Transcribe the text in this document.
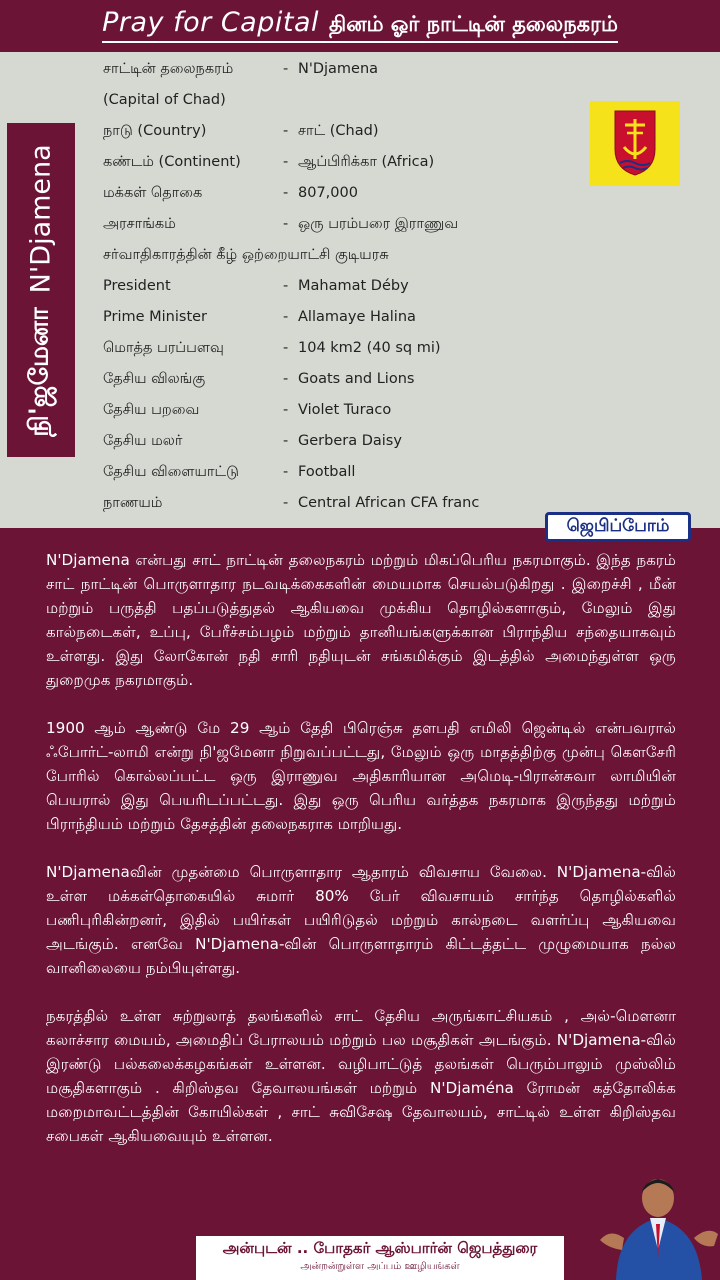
Pray for Capital தினம் ஓர் நாட்டின் தலைநகரம்
நி'ஜமேனா
N'Djamena
சாட்டின் தலைநகரம்	- N'Djamena
(Capital of Chad)
நாடு (Country)	- சாட் (Chad)
கண்டம் (Continent)	- ஆப்பிரிக்கா (Africa)
மக்கள் தொகை	- 807,000
அரசாங்கம்	- ஒரு பரம்பரை இராணுவ
சர்வாதிகாரத்தின் கீழ் ஒற்றையாட்சி குடியரசு
President	- Mahamat Déby
Prime Minister	- Allamaye Halina
மொத்த பரப்பளவு	- 104 km2 (40 sq mi)
தேசிய விலங்கு	- Goats and Lions
தேசிய பறவை	- Violet Turaco
தேசிய மலர்	- Gerbera Daisy
தேசிய விளையாட்டு	- Football
நாணயம்	- Central African CFA franc
ஜெபிப்போம்

N'Djamena என்பது சாட் நாட்டின் தலைநகரம் மற்றும் மிகப்பெரிய நகரமாகும். இந்த நகரம் சாட் நாட்டின் பொருளாதார நடவடிக்கைகளின் மையமாக செயல்படுகிறது . இறைச்சி , மீன் மற்றும் பருத்தி பதப்படுத்துதல் ஆகியவை முக்கிய தொழில்களாகும், மேலும் இது கால்நடைகள், உப்பு, பேரீச்சம்பழம் மற்றும் தானியங்களுக்கான பிராந்திய சந்தையாகவும் உள்ளது. இது லோகோன் நதி சாரி நதியுடன் சங்கமிக்கும் இடத்தில் அமைந்துள்ள ஒரு துறைமுக நகரமாகும்.

1900 ஆம் ஆண்டு மே 29 ஆம் தேதி பிரெஞ்சு தளபதி எமிலி ஜென்டில் என்பவரால் ஃபோர்ட்-லாமி என்று நி'ஜமேனா நிறுவப்பட்டது, மேலும் ஒரு மாதத்திற்கு முன்பு கௌசேரி போரில் கொல்லப்பட்ட ஒரு இராணுவ அதிகாரியான அமெடி-பிரான்சுவா லாமியின் பெயரால் இது பெயரிடப்பட்டது. இது ஒரு பெரிய வர்த்தக நகரமாக இருந்தது மற்றும் பிராந்தியம் மற்றும் தேசத்தின் தலைநகராக மாறியது.

N'Djamenaவின் முதன்மை பொருளாதார ஆதாரம் விவசாய வேலை. N'Djamena-வில் உள்ள மக்கள்தொகையில் சுமார் 80% பேர் விவசாயம் சார்ந்த தொழில்களில் பணிபுரிகின்றனர், இதில் பயிர்கள் பயிரிடுதல் மற்றும் கால்நடை வளர்ப்பு ஆகியவை அடங்கும். எனவே N'Djamena-வின் பொருளாதாரம் கிட்டத்தட்ட முழுமையாக நல்ல வானிலையை நம்பியுள்ளது.

நகரத்தில் உள்ள சுற்றுலாத் தலங்களில் சாட் தேசிய அருங்காட்சியகம் , அல்-மௌனா கலாச்சார மையம், அமைதிப் பேராலயம் மற்றும் பல மசூதிகள் அடங்கும். N'Djamena-வில் இரண்டு பல்கலைக்கழகங்கள் உள்ளன. வழிபாட்டுத் தலங்கள் பெரும்பாலும் முஸ்லிம் மசூதிகளாகும் . கிறிஸ்தவ தேவாலயங்கள் மற்றும் N'Djaména ரோமன் கத்தோலிக்க மறைமாவட்டத்தின் கோயில்கள் , சாட் சுவிசேஷ தேவாலயம், சாட்டில் உள்ள கிறிஸ்தவ சபைகள் ஆகியவையும் உள்ளன.

அன்புடன் .. போதகர் ஆஸ்பார்ன் ஜெபத்துரை
அன்றன்றுள்ள அப்பம் ஊழியங்கள்
